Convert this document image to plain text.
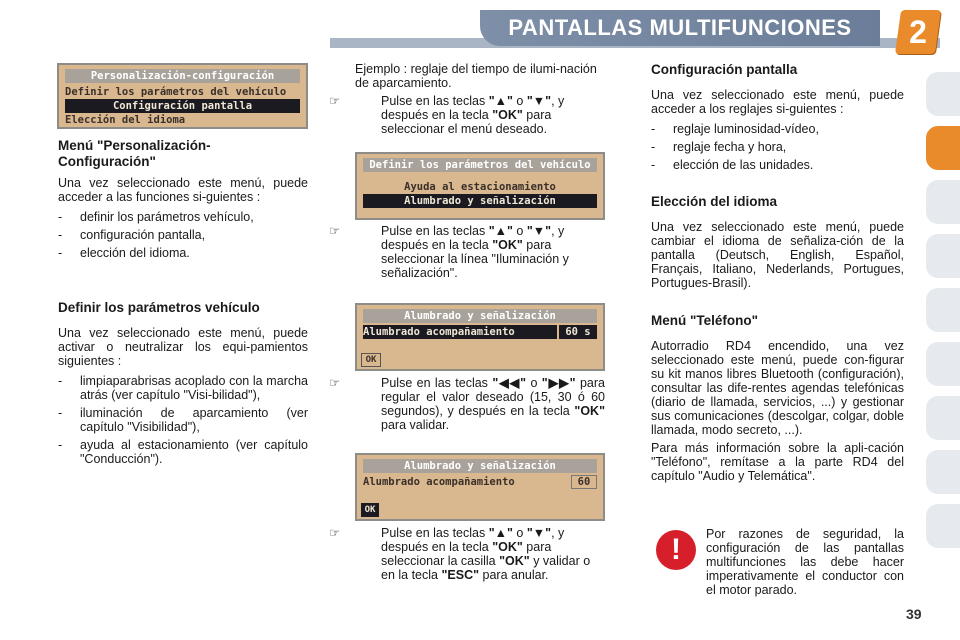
PANTALLAS MULTIFUNCIONES	2
Personalización-configuración
Definir los parámetros del vehículo
Configuración pantalla
Elección del idioma
Menú "Personalización-Configuración"

Una vez seleccionado este menú, puede acceder a las funciones si-guientes :

- definir los parámetros vehículo,
- configuración pantalla,
- elección del idioma.
Definir los parámetros vehículo

Una vez seleccionado este menú, puede activar o neutralizar los equi-pamientos siguientes :

- limpiaparabrisas acoplado con la marcha atrás (ver capítulo "Visi-bilidad"),
- iluminación de aparcamiento (ver capítulo "Visibilidad"),
- ayuda al estacionamiento (ver capítulo "Conducción").

Ejemplo : reglaje del tiempo de ilumi-nación de aparcamiento.

☞	Pulse en las teclas "▲" o "▼", y después en la tecla "OK" para seleccionar el menú deseado.
Definir los parámetros del vehículo
Ayuda al estacionamiento
Alumbrado y señalización
☞	Pulse en las teclas "▲" o "▼", y después en la tecla "OK" para seleccionar la línea "Iluminación y señalización".
Alumbrado y señalización
Alumbrado acompañamiento	60 s
OK
☞	Pulse en las teclas "◀◀" o "▶▶" para regular el valor deseado (15, 30 ó 60 segundos), y después en la tecla "OK" para validar.
Alumbrado y señalización
Alumbrado acompañamiento	60
OK
☞	Pulse en las teclas "▲" o "▼", y después en la tecla "OK" para seleccionar la casilla "OK" y validar o en la tecla "ESC" para anular.
Configuración pantalla

Una vez seleccionado este menú, puede acceder a los reglajes si-guientes :

- reglaje luminosidad-vídeo,
- reglaje fecha y hora,
- elección de las unidades.
Elección del idioma

Una vez seleccionado este menú, puede cambiar el idioma de señaliza-ción de la pantalla (Deutsch, English, Español, Français, Italiano, Nederlands, Portugues, Portugues-Brasil).

Menú "Teléfono"

Autorradio RD4 encendido, una vez seleccionado este menú, puede con-figurar su kit manos libres Bluetooth (configuración), consultar las dife-rentes agendas telefónicas (diario de llamada, servicios, ...) y gestionar sus comunicaciones (descolgar, colgar, doble llamada, modo secreto, ...).

Para más información sobre la apli-cación "Teléfono", remítase a la parte RD4 del capítulo "Audio y Telemática".

!	Por razones de seguridad, la configuración de las pantallas multifunciones las debe hacer imperativamente el conductor con el motor parado.

39
